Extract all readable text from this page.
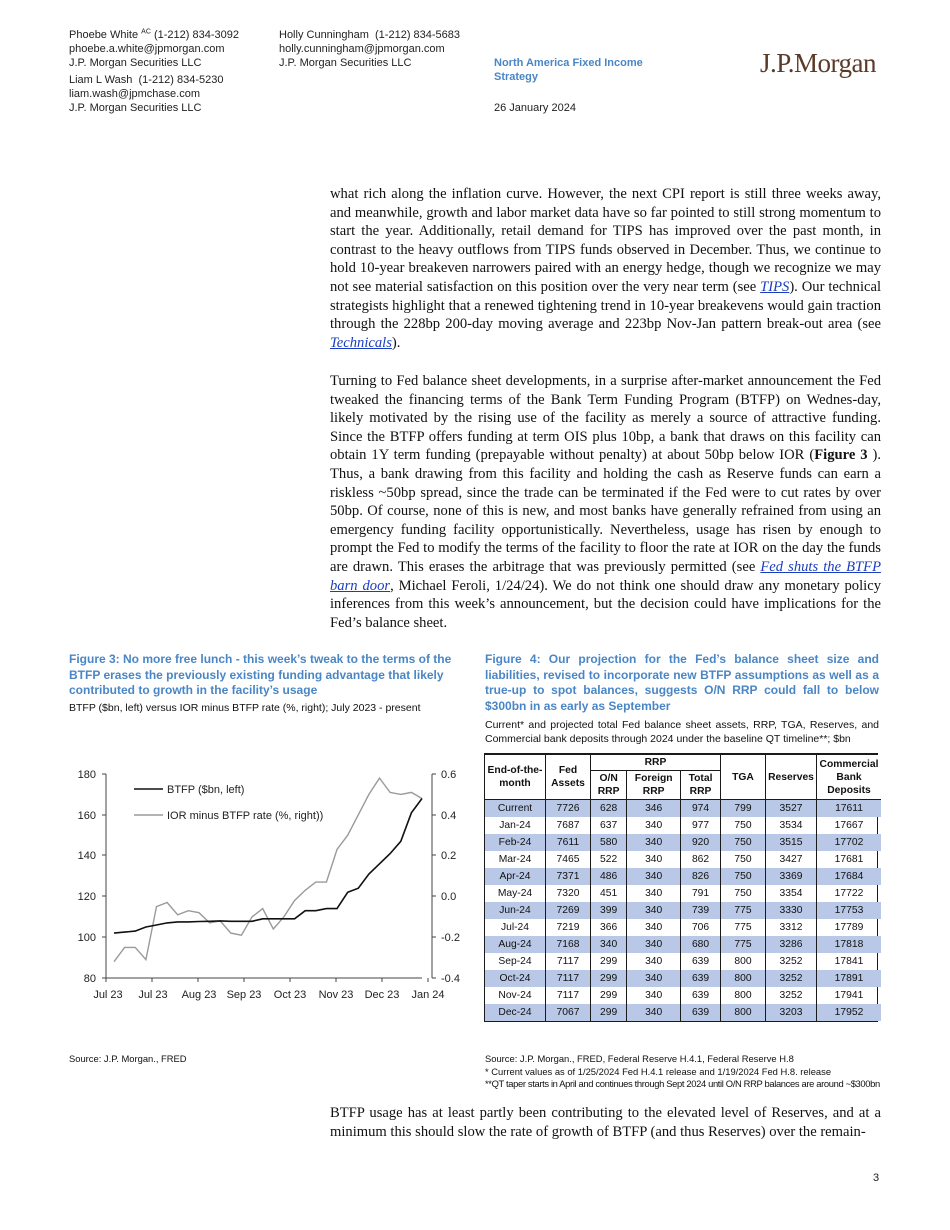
Phoebe White $^{AC}$ (1-212) 834-3092
phoebe.a.white@jpmorgan.com
J.P. Morgan Securities LLC
Liam L Wash (1-212) 834-5230
liam.wash@jpmchase.com
J.P. Morgan Securities LLC
Holly Cunningham (1-212) 834-5683
holly.cunningham@jpmorgan.com
J.P. Morgan Securities LLC	North America Fixed Income
Strategy
26 January 2024
J.P.Morgan
what rich along the inflation curve. However, the next CPI report is still three weeks away, and meanwhile, growth and labor market data have so far pointed to still strong momentum to start the year. Additionally, retail demand for TIPS has improved over the past month, in contrast to the heavy outflows from TIPS funds observed in December. Thus, we continue to hold 10-year breakeven narrowers paired with an energy hedge, though we recognize we may not see material satisfaction on this position over the very near term (see TIPS). Our technical strategists highlight that a renewed tightening trend in 10-year breakevens would gain traction through the 228bp 200-day moving average and 223bp Nov-Jan pattern break-out area (see Technicals).
Turning to Fed balance sheet developments, in a surprise after-market announcement the Fed tweaked the financing terms of the Bank Term Funding Program (BTFP) on Wednes-day, likely motivated by the rising use of the facility as merely a source of attractive funding. Since the BTFP offers funding at term OIS plus 10bp, a bank that draws on this facility can obtain 1Y term funding (prepayable without penalty) at about 50bp below IOR (Figure 3 ). Thus, a bank drawing from this facility and holding the cash as Reserve funds can earn a riskless ~50bp spread, since the trade can be terminated if the Fed were to cut rates by over 50bp. Of course, none of this is new, and most banks have generally refrained from using an emergency funding facility opportunistically. Nevertheless, usage has risen by enough to prompt the Fed to modify the terms of the facility to floor the rate at IOR on the day the funds are drawn. This erases the arbitrage that was previously permitted (see Fed shuts the BTFP barn door, Michael Feroli, 1/24/24). We do not think one should draw any monetary policy inferences from this week’s announcement, but the decision could have implications for the Fed’s balance sheet.
Figure 3: No more free lunch - this week’s tweak to the terms of the BTFP erases the previously existing funding advantage that likely contributed to growth in the facility’s usage
BTFP ($bn, left) versus IOR minus BTFP rate (%, right); July 2023 - present
180
160
140
120
100
80
0.6
0.4
0.2
0.0
-0.2
-0.4
Jul 23 Jul 23 Aug 23 Sep 23 Oct 23 Nov 23 Dec 23 Jan 24
BTFP ($bn, left)
IOR minus BTFP rate (%, right))
Source: J.P. Morgan., FRED
Figure 4: Our projection for the Fed’s balance sheet size and liabilities, revised to incorporate new BTFP assumptions as well as a true-up to spot balances, suggests O/N RRP could fall to below $300bn in as early as September
Current* and projected total Fed balance sheet assets, RRP, TGA, Reserves, and Commercial bank deposits through 2024 under the baseline QT timeline**; $bn
End-of-the-month	Fed Assets	RRP			TGA	Reserves	Commercial Bank Deposits
		O/N RRP	Foreign RRP	Total RRP			
Current	7726	628	346	974	799	3527	17611
Jan-24	7687	637	340	977	750	3534	17667
Feb-24	7611	580	340	920	750	3515	17702
Mar-24	7465	522	340	862	750	3427	17681
Apr-24	7371	486	340	826	750	3369	17684
May-24	7320	451	340	791	750	3354	17722
Jun-24	7269	399	340	739	775	3330	17753
Jul-24	7219	366	340	706	775	3312	17789
Aug-24	7168	340	340	680	775	3286	17818
Sep-24	7117	299	340	639	800	3252	17841
Oct-24	7117	299	340	639	800	3252	17891
Nov-24	7117	299	340	639	800	3252	17941
Dec-24	7067	299	340	639	800	3203	17952
Source: J.P. Morgan., FRED, Federal Reserve H.4.1, Federal Reserve H.8
* Current values as of 1/25/2024 Fed H.4.1 release and 1/19/2024 Fed H.8. release
**QT taper starts in April and continues through Sept 2024 until O/N RRP balances are around ~$300bn
BTFP usage has at least partly been contributing to the elevated level of Reserves, and at a minimum this should slow the rate of growth of BTFP (and thus Reserves) over the remain-
3
